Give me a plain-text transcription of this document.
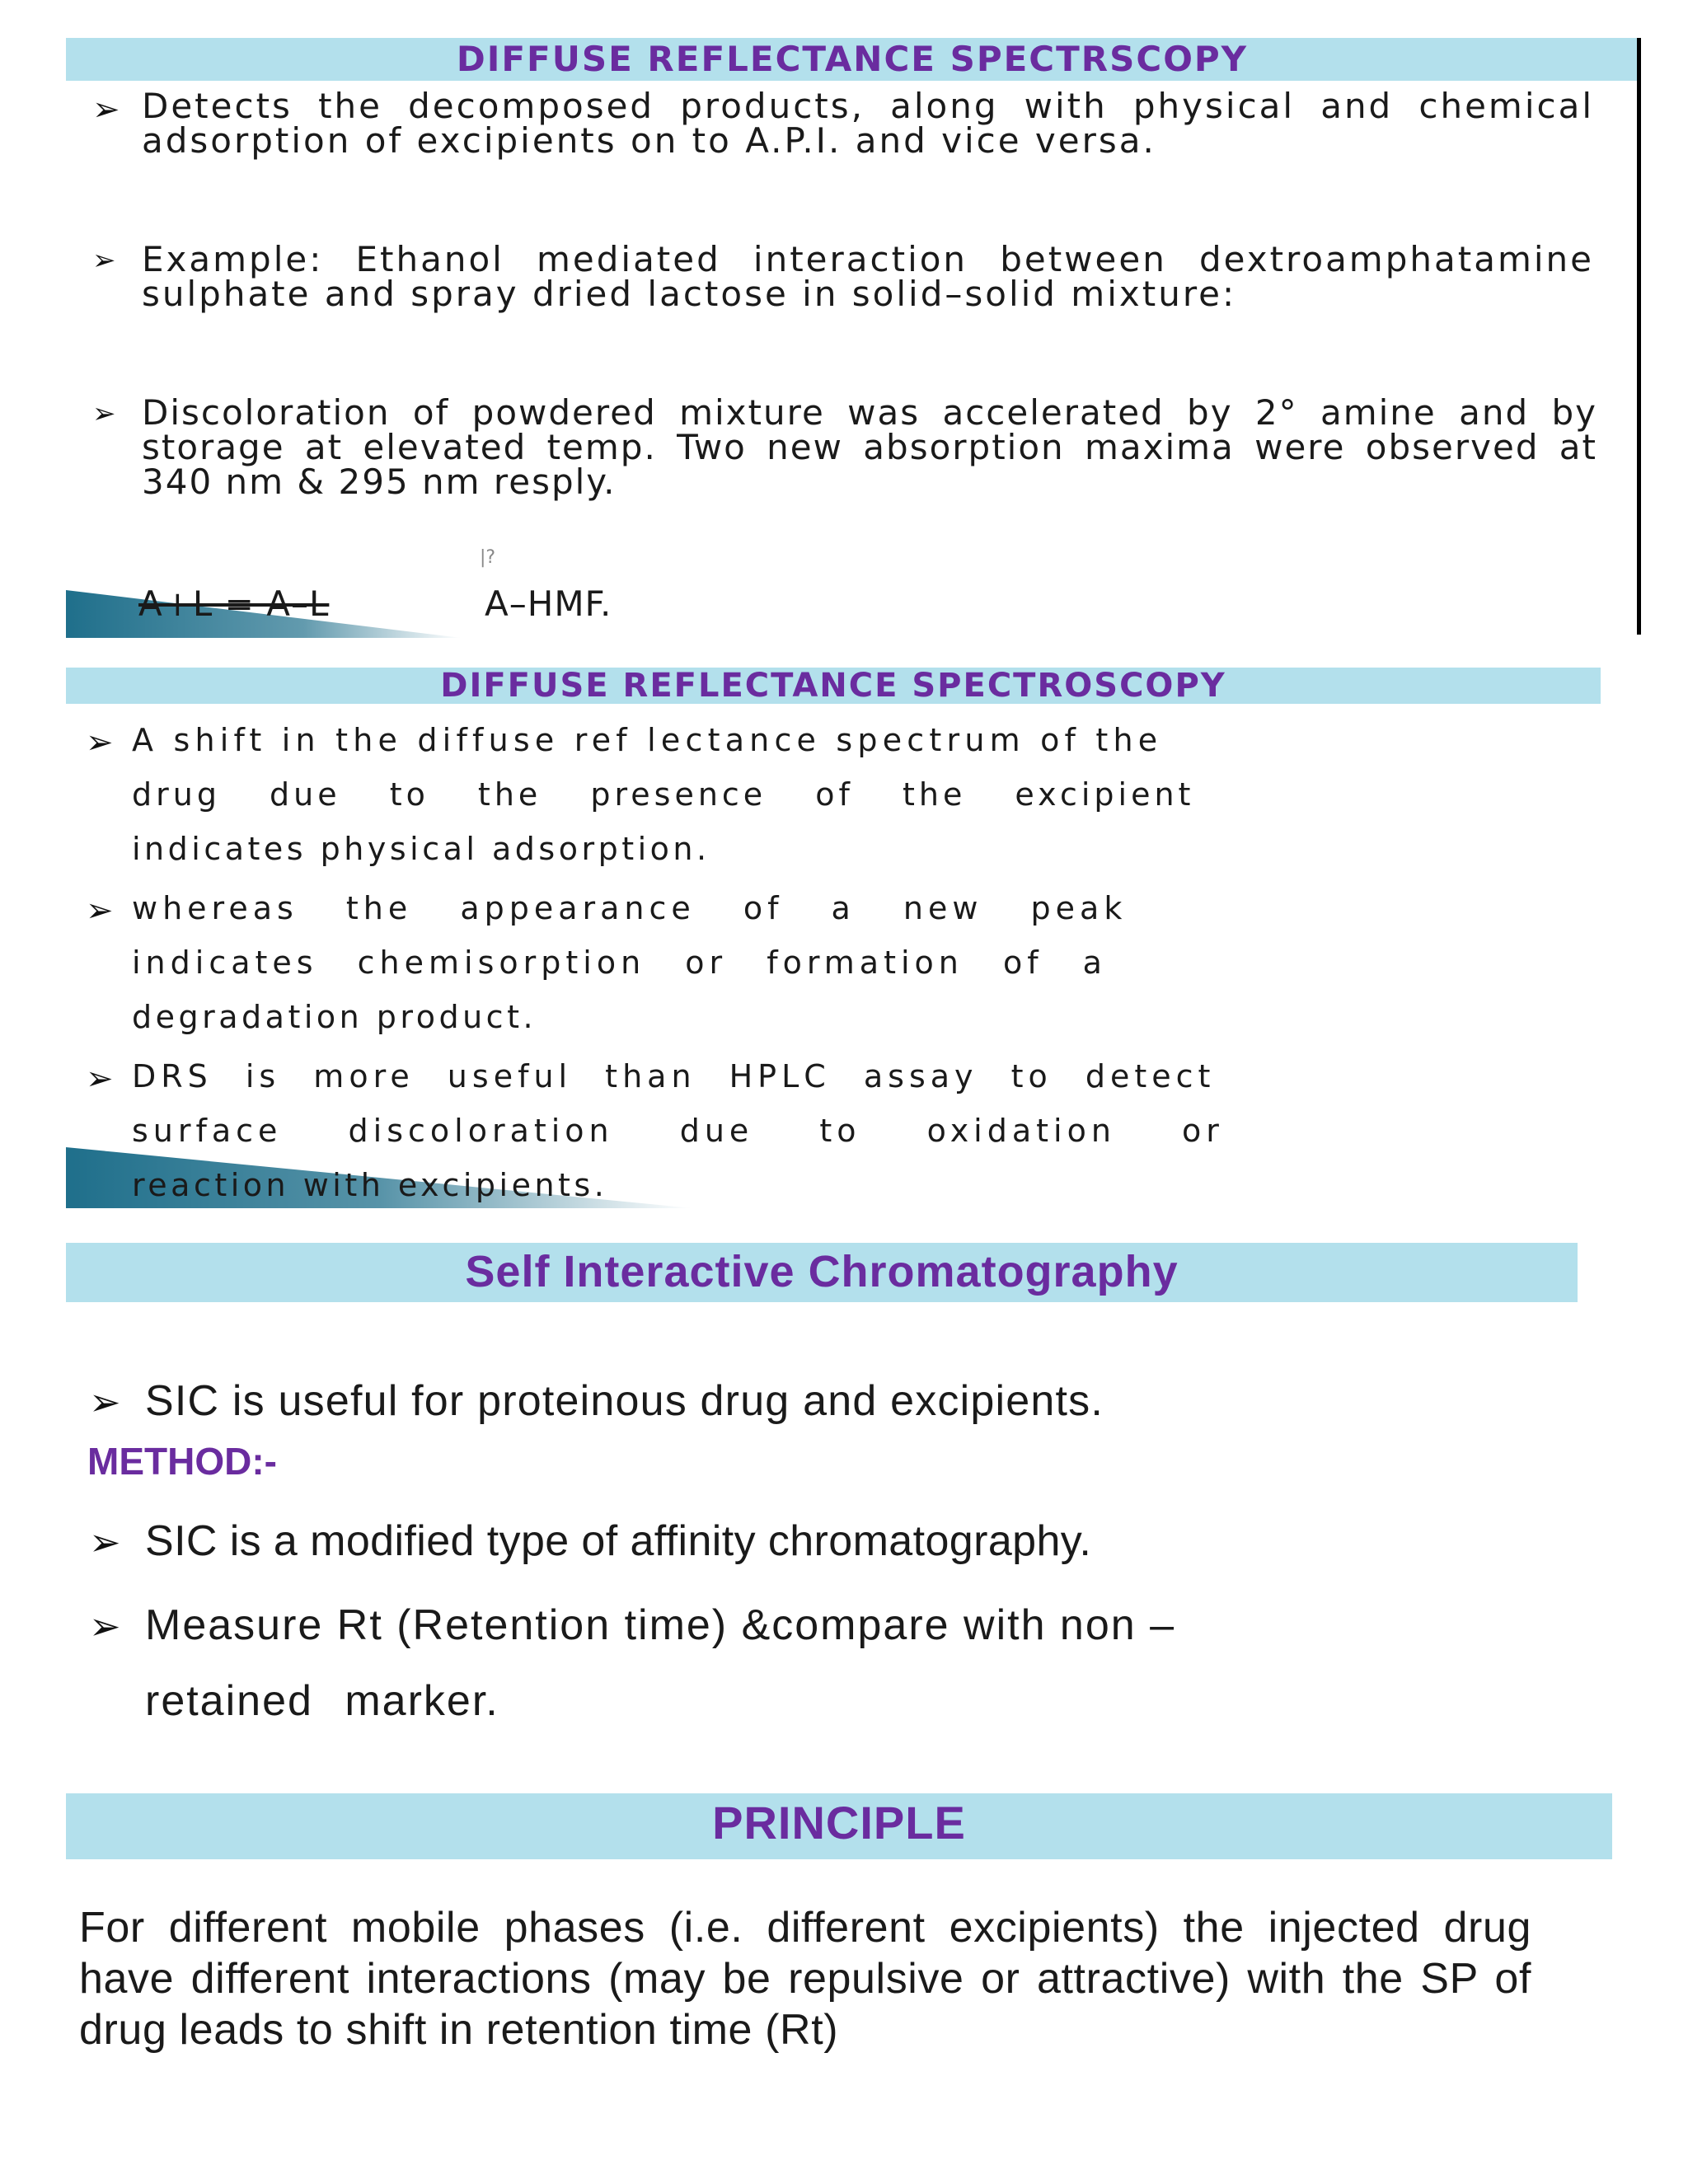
DIFFUSE REFLECTANCE SPECTRSCOPY
➢ Detects the decomposed products, along with physical and chemical adsorption of excipients on to A.P.I. and vice versa.

➢ Example: Ethanol mediated interaction between dextroamphatamine sulphate and spray dried lactose in solid–solid mixture:

➢ Discoloration of powdered mixture was accelerated by 2° amine and by storage at elevated temp. Two new absorption maxima were observed at 340 nm & 295 nm resply.

|?

A+L = A–L	A–HMF.

DIFFUSE REFLECTANCE SPECTROSCOPY
➢ A shift in the diffuse ref lectance spectrum of the

drug due to the presence of the excipient

indicates physical adsorption.

➢ whereas the appearance of a new peak

indicates chemisorption or formation of a

degradation product.

➢ DRS is more useful than HPLC assay to detect

surface discoloration due to oxidation or

reaction with excipients.

Self Interactive Chromatography
➢ SIC is useful for proteinous drug and excipients.

METHOD:-

➢ SIC is a modified type of affinity chromatography.

➢ Measure Rt (Retention time) &compare with non –

retained marker.

PRINCIPLE

For different mobile phases (i.e. different excipients) the injected drug have different interactions (may be repulsive or attractive) with the SP of drug leads to shift in retention time (Rt)
